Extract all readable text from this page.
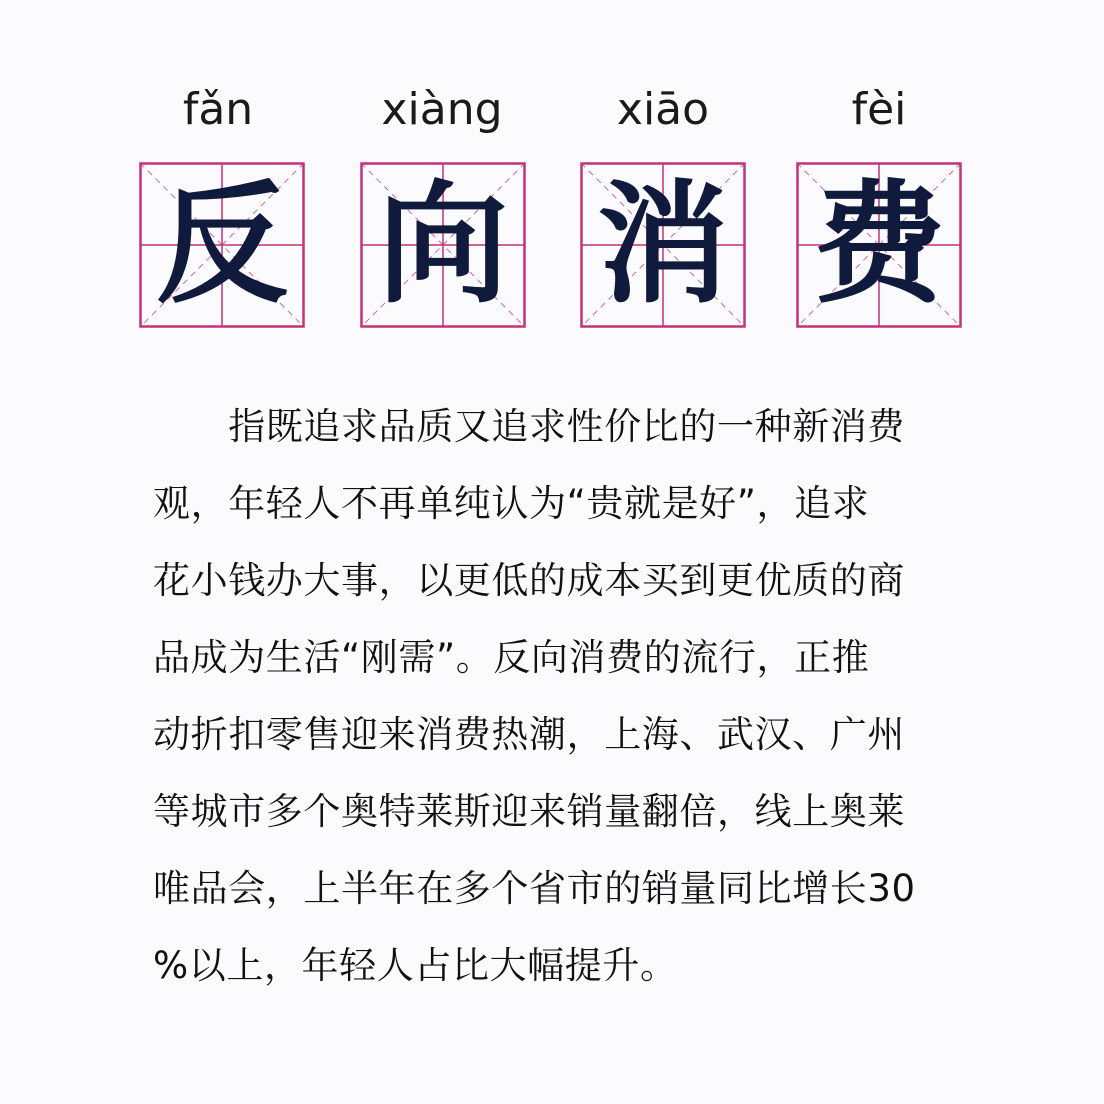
fǎn	xiàng	xiāo	fèi
反 向 消 费
　　指既追求品质又追求性价比的一种新消费
观，年轻人不再单纯认为“贵就是好”，追求
花小钱办大事，以更低的成本买到更优质的商
品成为生活“刚需”。反向消费的流行，正推
动折扣零售迎来消费热潮，上海、武汉、广州
等城市多个奥特莱斯迎来销量翻倍，线上奥莱
唯品会，上半年在多个省市的销量同比增长30
%以上，年轻人占比大幅提升。
